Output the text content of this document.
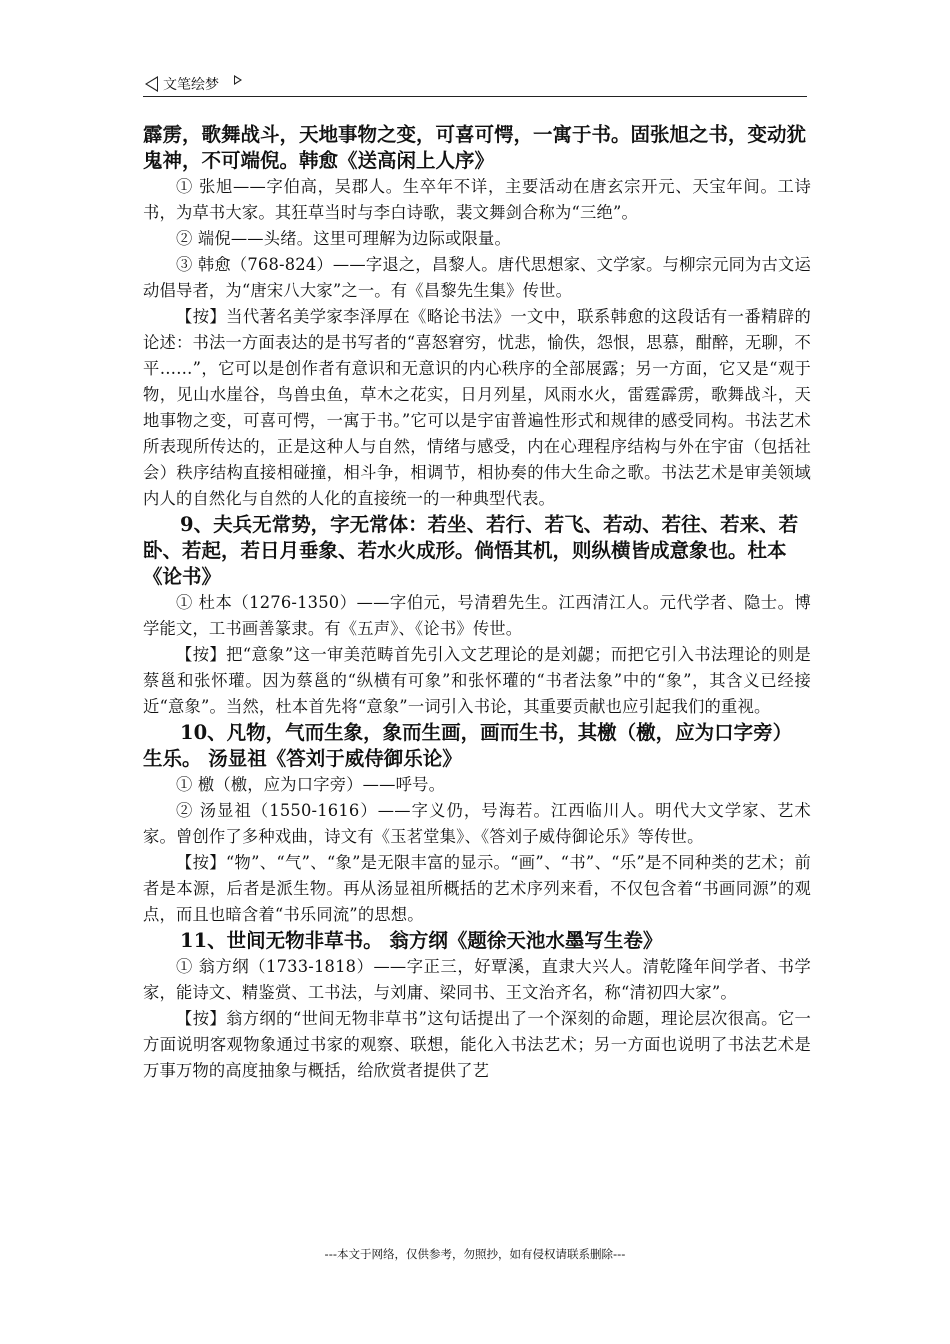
文笔绘梦

霹雳，歌舞战斗，天地事物之变，可喜可愕，一寓于书。固张旭之书，变动犹鬼神，不可端倪。韩愈《送高闲上人序》

① 张旭——字伯高，吴郡人。生卒年不详，主要活动在唐玄宗开元、天宝年间。工诗书，为草书大家。其狂草当时与李白诗歌，裴文舞剑合称为“三绝”。

② 端倪——头绪。这里可理解为边际或限量。

③ 韩愈（768-824）——字退之，昌黎人。唐代思想家、文学家。与柳宗元同为古文运动倡导者，为“唐宋八大家”之一。有《昌黎先生集》传世。

【按】当代著名美学家李泽厚在《略论书法》一文中，联系韩愈的这段话有一番精辟的论述：书法一方面表达的是书写者的“喜怒窘穷，忧悲，愉佚，怨恨，思慕，酣醉，无聊，不平……”，它可以是创作者有意识和无意识的内心秩序的全部展露；另一方面，它又是“观于物，见山水崖谷，鸟兽虫鱼，草木之花实，日月列星，风雨水火，雷霆霹雳，歌舞战斗，天地事物之变，可喜可愕，一寓于书。”它可以是宇宙普遍性形式和规律的感受同构。书法艺术所表现所传达的，正是这种人与自然，情绪与感受，内在心理程序结构与外在宇宙（包括社会）秩序结构直接相碰撞，相斗争，相调节，相协奏的伟大生命之歌。书法艺术是审美领域内人的自然化与自然的人化的直接统一的一种典型代表。

9、夫兵无常势，字无常体：若坐、若行、若飞、若动、若往、若来、若卧、若起，若日月垂象、若水火成形。倘悟其机，则纵横皆成意象也。杜本《论书》

① 杜本（1276-1350）——字伯元，号清碧先生。江西清江人。元代学者、隐士。博学能文，工书画善篆隶。有《五声》、《论书》传世。

【按】把“意象”这一审美范畴首先引入文艺理论的是刘勰；而把它引入书法理论的则是蔡邕和张怀瓘。因为蔡邕的“纵横有可象”和张怀瓘的“书者法象”中的“象”，其含义已经接近“意象”。当然，杜本首先将“意象”一词引入书论，其重要贡献也应引起我们的重视。

10、凡物，气而生象，象而生画，画而生书，其檄（檄，应为口字旁）生乐。 汤显祖《答刘于威侍御乐论》

① 檄（檄，应为口字旁）——呼号。

② 汤显祖（1550-1616）——字义仍，号海若。江西临川人。明代大文学家、艺术家。曾创作了多种戏曲，诗文有《玉茗堂集》、《答刘子威侍御论乐》等传世。

【按】“物”、“气”、“象”是无限丰富的显示。“画”、“书”、“乐”是不同种类的艺术；前者是本源，后者是派生物。再从汤显祖所概括的艺术序列来看，不仅包含着“书画同源”的观点，而且也暗含着“书乐同流”的思想。

11、世间无物非草书。 翁方纲《题徐天池水墨写生卷》

① 翁方纲（1733-1818）——字正三，好覃溪，直隶大兴人。清乾隆年间学者、书学家，能诗文、精鉴赏、工书法，与刘庸、梁同书、王文治齐名，称“清初四大家”。

【按】翁方纲的“世间无物非草书”这句话提出了一个深刻的命题，理论层次很高。它一方面说明客观物象通过书家的观察、联想，能化入书法艺术；另一方面也说明了书法艺术是万事万物的高度抽象与概括，给欣赏者提供了艺

---本文于网络，仅供参考，勿照抄，如有侵权请联系删除---
